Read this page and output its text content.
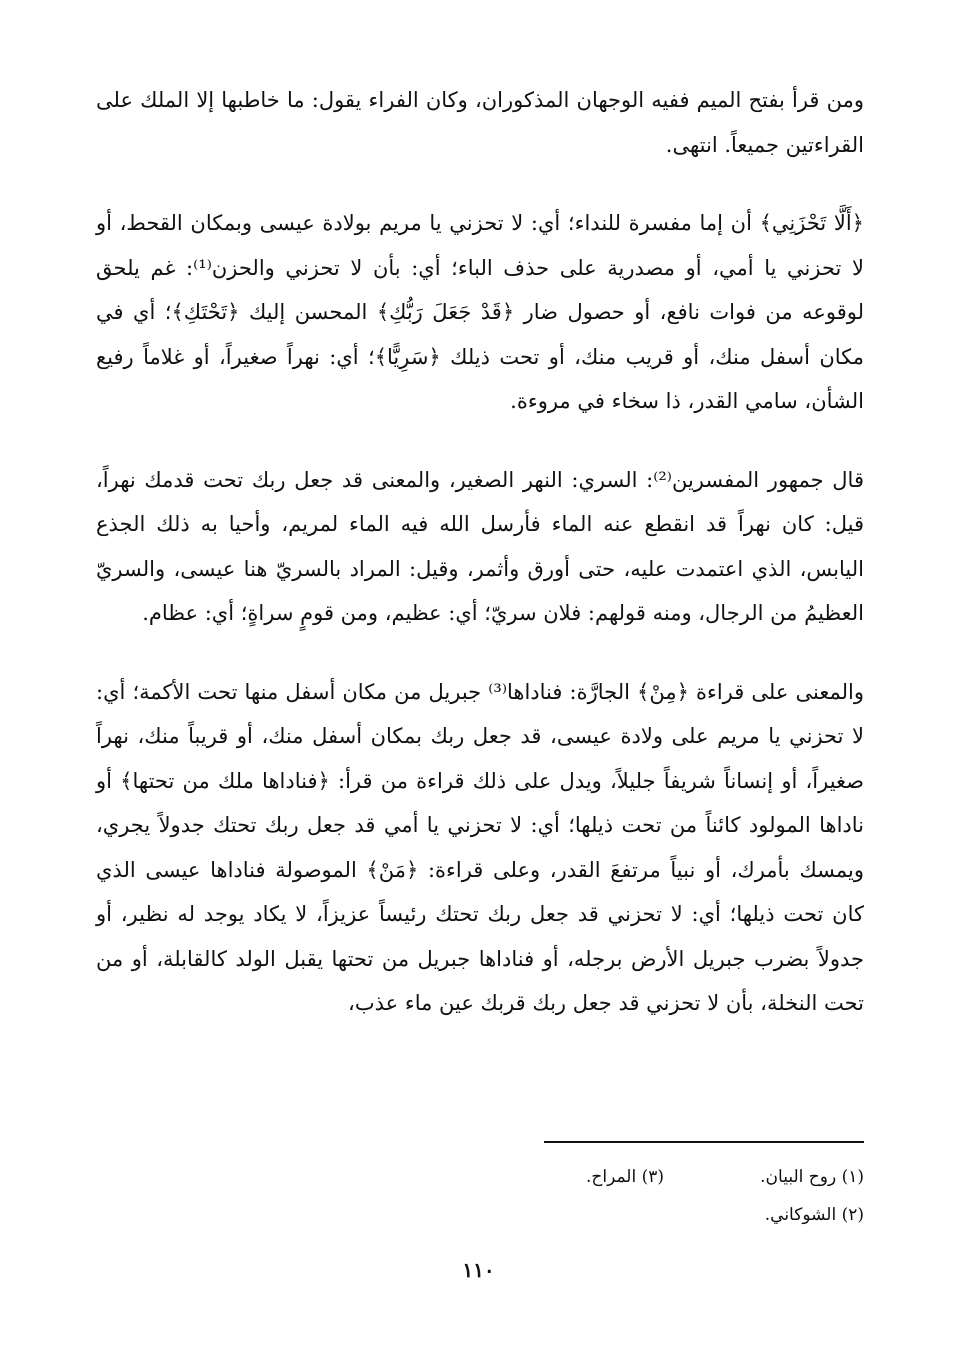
ومن قرأ بفتح الميم ففيه الوجهان المذكوران، وكان الفراء يقول: ما خاطبها إلا الملك على القراءتين جميعاً. انتهى.

﴿أَلَّا تَحْزَنِي﴾ أن إما مفسرة للنداء؛ أي: لا تحزني يا مريم بولادة عيسى وبمكان القحط، أو لا تحزني يا أمي، أو مصدرية على حذف الباء؛ أي: بأن لا تحزني والحزن⁽¹⁾: غم يلحق لوقوعه من فوات نافع، أو حصول ضار ﴿قَدْ جَعَلَ رَبُّكِ﴾ المحسن إليك ﴿تَحْتَكِ﴾؛ أي في مكان أسفل منك، أو قريب منك، أو تحت ذيلك ﴿سَرِيًّا﴾؛ أي: نهراً صغيراً، أو غلاماً رفيع الشأن، سامي القدر، ذا سخاء في مروءة.

قال جمهور المفسرين⁽²⁾: السري: النهر الصغير، والمعنى قد جعل ربك تحت قدمك نهراً، قيل: كان نهراً قد انقطع عنه الماء فأرسل الله فيه الماء لمريم، وأحيا به ذلك الجذع اليابس، الذي اعتمدت عليه، حتى أورق وأثمر، وقيل: المراد بالسريّ هنا عيسى، والسريّ العظيمُ من الرجال، ومنه قولهم: فلان سريّ؛ أي: عظيم، ومن قومٍ سراةٍ؛ أي: عظام.

والمعنى على قراءة ﴿مِنْ﴾ الجارَّة: فناداها⁽³⁾ جبريل من مكان أسفل منها تحت الأكمة؛ أي: لا تحزني يا مريم على ولادة عيسى، قد جعل ربك بمكان أسفل منك، أو قريباً منك، نهراً صغيراً، أو إنساناً شريفاً جليلاً، ويدل على ذلك قراءة من قرأ: ﴿فناداها ملك من تحتها﴾ أو ناداها المولود كائناً من تحت ذيلها؛ أي: لا تحزني يا أمي قد جعل ربك تحتك جدولاً يجري، ويمسك بأمرك، أو نبياً مرتفعَ القدر، وعلى قراءة: ﴿مَنْ﴾ الموصولة فناداها عيسى الذي كان تحت ذيلها؛ أي: لا تحزني قد جعل ربك تحتك رئيساً عزيزاً، لا يكاد يوجد له نظير، أو جدولاً بضرب جبريل الأرض برجله، أو فناداها جبريل من تحتها يقبل الولد كالقابلة، أو من تحت النخلة، بأن لا تحزني قد جعل ربك قربك عين ماء عذب،

(١) روح البيان.
(٣) المراح.
(٢) الشوكاني.
١١٠
